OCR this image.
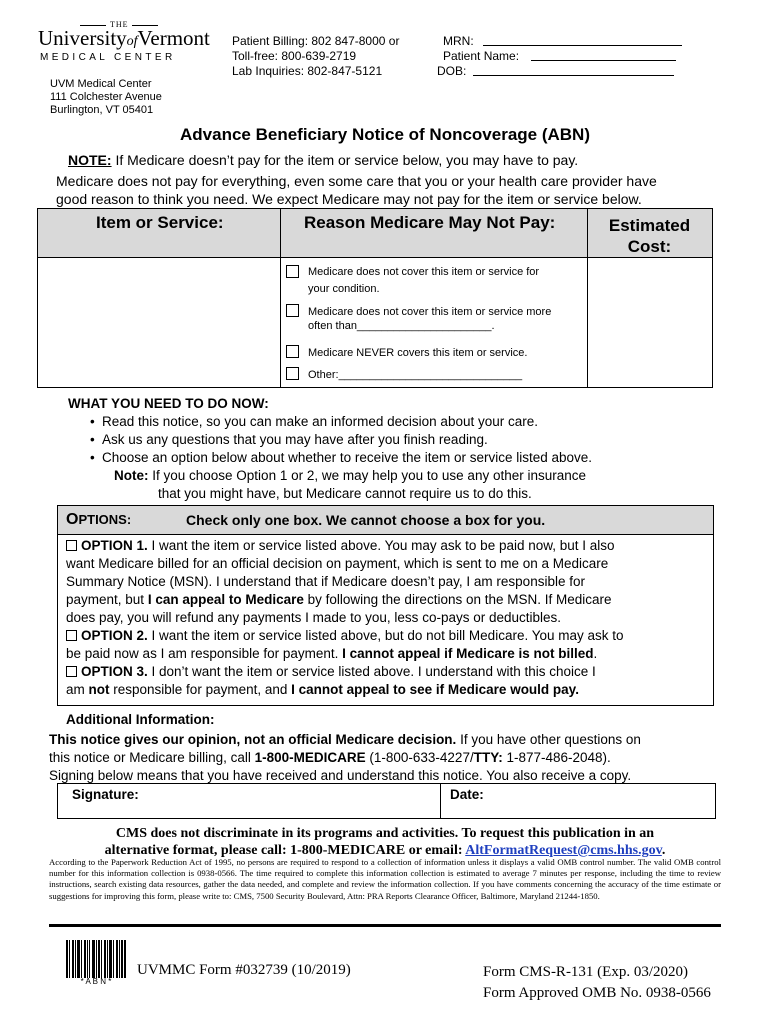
THE
UniversityofVermont
MEDICAL CENTER
UVM Medical Center
111 Colchester Avenue
Burlington, VT 05401
Patient Billing: 802 847-8000 or
Toll-free: 800-639-2719
Lab Inquiries: 802-847-5121
MRN:
Patient Name:
DOB:
Advance Beneficiary Notice of Noncoverage (ABN)
NOTE: If Medicare doesn’t pay for the item or service below, you may have to pay.
Medicare does not pay for everything, even some care that you or your health care provider have
good reason to think you need. We expect Medicare may not pay for the item or service below.
Item or Service:	Reason Medicare May Not Pay:	Estimated
Cost:
Medicare does not cover this item or service for
your condition.
Medicare does not cover this item or service more
often than______________________.
Medicare NEVER covers this item or service.
Other:______________________________
WHAT YOU NEED TO DO NOW:
• Read this notice, so you can make an informed decision about your care.
• Ask us any questions that you may have after you finish reading.
• Choose an option below about whether to receive the item or service listed above.
Note: If you choose Option 1 or 2, we may help you to use any other insurance
that you might have, but Medicare cannot require us to do this.
OPTIONS:	Check only one box. We cannot choose a box for you.
OPTION 1. I want the item or service listed above. You may ask to be paid now, but I also
want Medicare billed for an official decision on payment, which is sent to me on a Medicare
Summary Notice (MSN). I understand that if Medicare doesn’t pay, I am responsible for
payment, but I can appeal to Medicare by following the directions on the MSN. If Medicare
does pay, you will refund any payments I made to you, less co-pays or deductibles.
OPTION 2. I want the item or service listed above, but do not bill Medicare. You may ask to
be paid now as I am responsible for payment. I cannot appeal if Medicare is not billed.
OPTION 3. I don’t want the item or service listed above. I understand with this choice I
am not responsible for payment, and I cannot appeal to see if Medicare would pay.
Additional Information:
This notice gives our opinion, not an official Medicare decision. If you have other questions on
this notice or Medicare billing, call 1-800-MEDICARE (1-800-633-4227/TTY: 1-877-486-2048).
Signing below means that you have received and understand this notice. You also receive a copy.
Signature:	Date:
CMS does not discriminate in its programs and activities. To request this publication in an
alternative format, please call: 1-800-MEDICARE or email: AltFormatRequest@cms.hhs.gov.
According to the Paperwork Reduction Act of 1995, no persons are required to respond to a collection of information unless it displays a valid OMB control number. The valid OMB control number for this information collection is 0938-0566. The time required to complete this information collection is estimated to average 7 minutes per response, including the time to review instructions, search existing data resources, gather the data needed, and complete and review the information collection. If you have comments concerning the accuracy of the time estimate or suggestions for improving this form, please write to: CMS, 7500 Security Boulevard, Attn: PRA Reports Clearance Officer, Baltimore, Maryland 21244-1850.
* A B N *
UVMMC Form #032739 (10/2019)	Form CMS-R-131 (Exp. 03/2020)
Form Approved OMB No. 0938-0566
